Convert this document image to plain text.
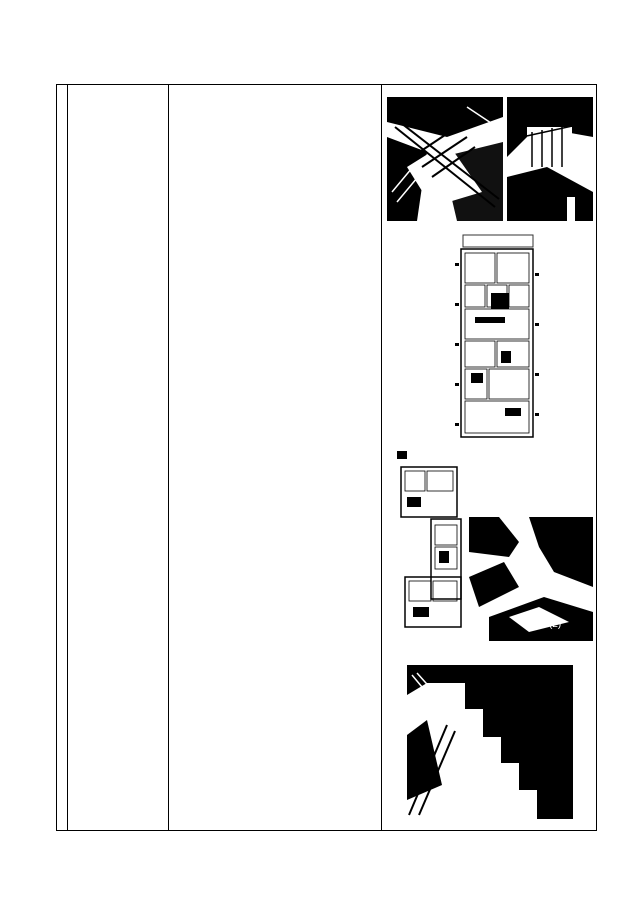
(2)
